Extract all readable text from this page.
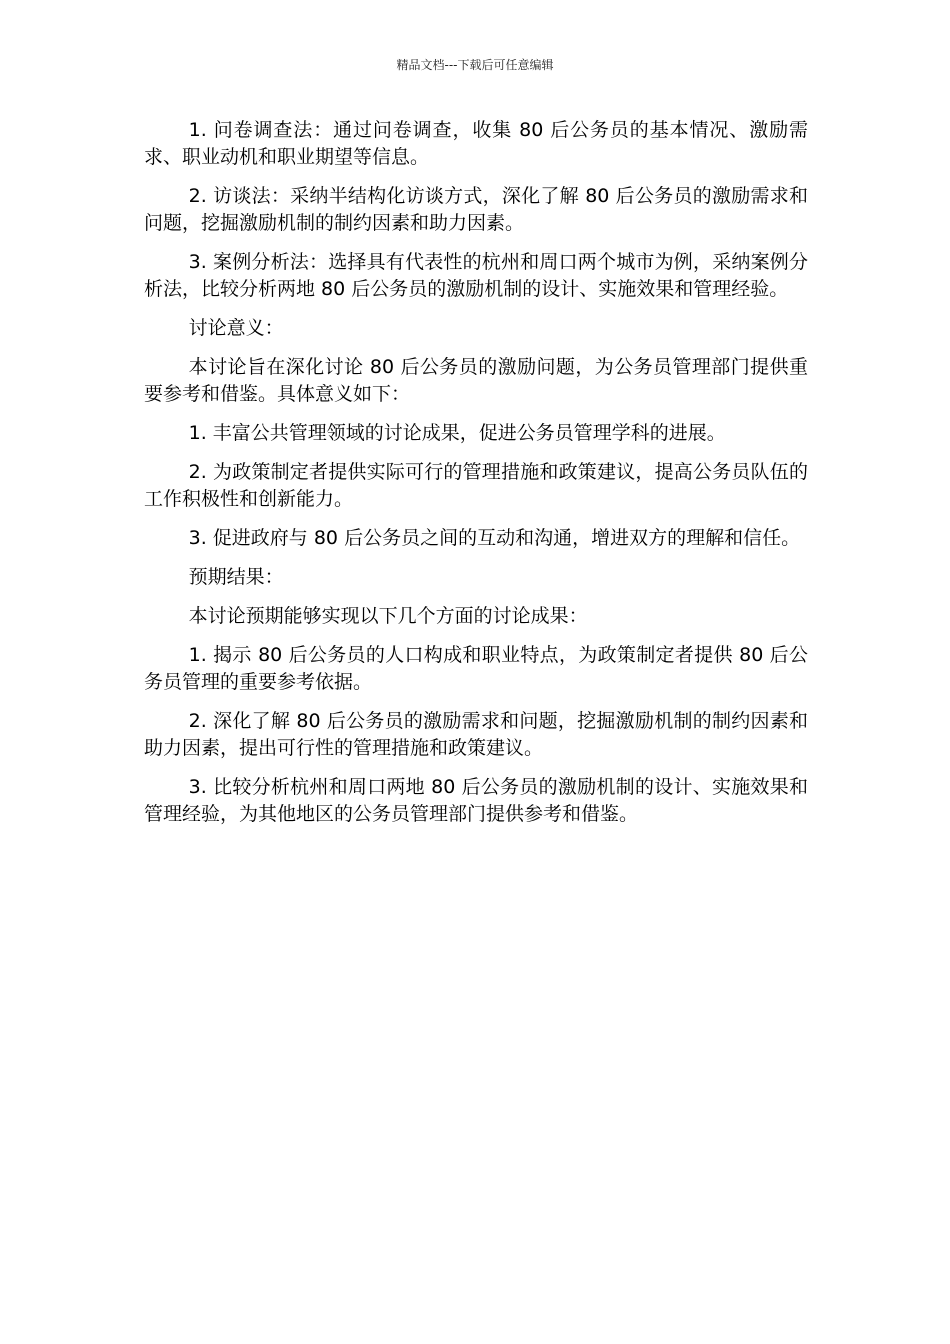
精品文档---下载后可任意编辑

1. 问卷调查法：通过问卷调查，收集 80 后公务员的基本情况、激励需求、职业动机和职业期望等信息。

2. 访谈法：采纳半结构化访谈方式，深化了解 80 后公务员的激励需求和问题，挖掘激励机制的制约因素和助力因素。

3. 案例分析法：选择具有代表性的杭州和周口两个城市为例，采纳案例分析法，比较分析两地 80 后公务员的激励机制的设计、实施效果和管理经验。

讨论意义：

本讨论旨在深化讨论 80 后公务员的激励问题，为公务员管理部门提供重要参考和借鉴。具体意义如下：

1. 丰富公共管理领域的讨论成果，促进公务员管理学科的进展。

2. 为政策制定者提供实际可行的管理措施和政策建议，提高公务员队伍的工作积极性和创新能力。

3. 促进政府与 80 后公务员之间的互动和沟通，增进双方的理解和信任。

预期结果：

本讨论预期能够实现以下几个方面的讨论成果：

1. 揭示 80 后公务员的人口构成和职业特点，为政策制定者提供 80 后公务员管理的重要参考依据。

2. 深化了解 80 后公务员的激励需求和问题，挖掘激励机制的制约因素和助力因素，提出可行性的管理措施和政策建议。

3. 比较分析杭州和周口两地 80 后公务员的激励机制的设计、实施效果和管理经验，为其他地区的公务员管理部门提供参考和借鉴。
